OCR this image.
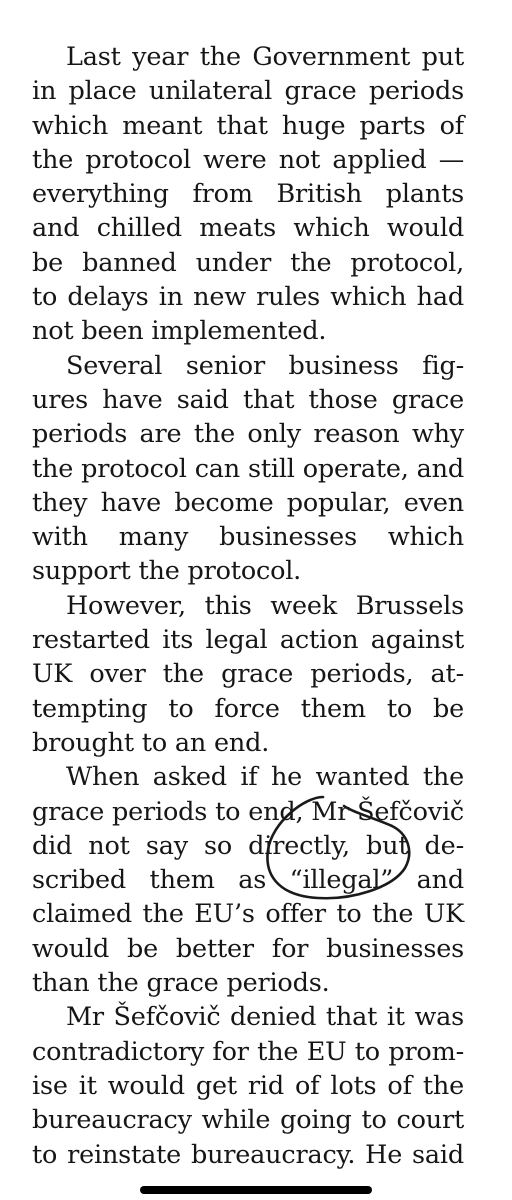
Last year the Government put
in place unilateral grace periods
which meant that huge parts of
the protocol were not applied —
everything from British plants
and chilled meats which would
be banned under the protocol,
to delays in new rules which had
not been implemented.
Several senior business fig-
ures have said that those grace
periods are the only reason why
the protocol can still operate, and
they have become popular, even
with many businesses which
support the protocol.
However, this week Brussels
restarted its legal action against
UK over the grace periods, at-
tempting to force them to be
brought to an end.
When asked if he wanted the
grace periods to end, Mr Šefčovič
did not say so directly, but de-
scribed them as “illegal” and
claimed the EU’s offer to the UK
would be better for businesses
than the grace periods.
Mr Šefčovič denied that it was
contradictory for the EU to prom-
ise it would get rid of lots of the
bureaucracy while going to court
to reinstate bureaucracy. He said
